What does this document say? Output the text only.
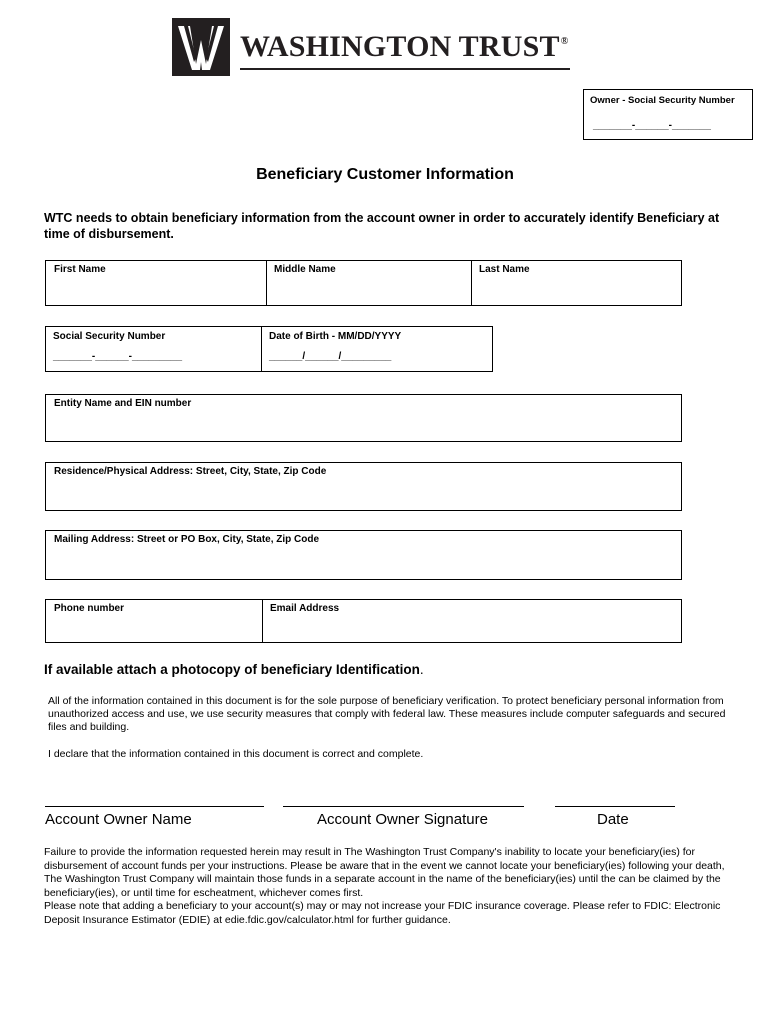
WASHINGTON TRUST®
Owner - Social Security Number
_______-______-_______
Beneficiary Customer Information
WTC needs to obtain beneficiary information from the account owner in order to accurately identify Beneficiary at time of disbursement.
First Name	Middle Name	Last Name
Social Security Number
_______-______-_________
Date of Birth - MM/DD/YYYY
______/______/_________
Entity Name and EIN number
Residence/Physical Address: Street, City, State, Zip Code
Mailing Address: Street or PO Box, City, State, Zip Code
Phone number	Email Address
If available attach a photocopy of beneficiary Identification.
All of the information contained in this document is for the sole purpose of beneficiary verification. To protect beneficiary personal information from unauthorized access and use, we use security measures that comply with federal law. These measures include computer safeguards and secured files and building.
I declare that the information contained in this document is correct and complete.
Account Owner Name	Account Owner Signature	Date
Failure to provide the information requested herein may result in The Washington Trust Company's inability to locate your beneficiary(ies) for disbursement of account funds per your instructions. Please be aware that in the event we cannot locate your beneficiary(ies) following your death, The Washington Trust Company will maintain those funds in a separate account in the name of the beneficiary(ies) until the can be claimed by the beneficiary(ies), or until time for escheatment, whichever comes first.
Please note that adding a beneficiary to your account(s) may or may not increase your FDIC insurance coverage. Please refer to FDIC: Electronic Deposit Insurance Estimator (EDIE) at edie.fdic.gov/calculator.html for further guidance.
